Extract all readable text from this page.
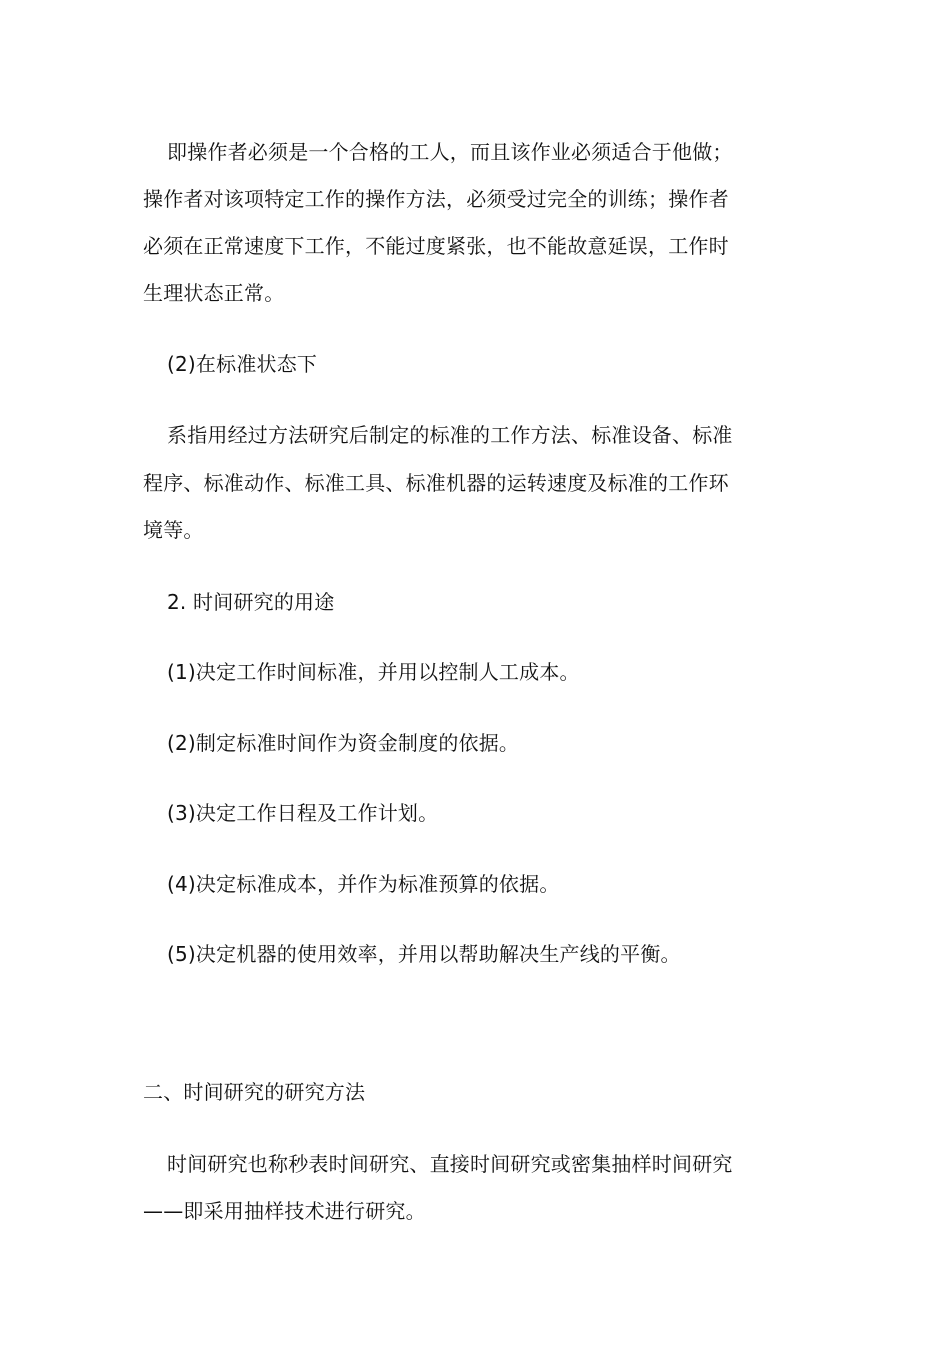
即操作者必须是一个合格的工人，而且该作业必须适合于他做；
操作者对该项特定工作的操作方法，必须受过完全的训练；操作者
必须在正常速度下工作，不能过度紧张，也不能故意延误，工作时
生理状态正常。
(2)在标准状态下
系指用经过方法研究后制定的标准的工作方法、标准设备、标准
程序、标准动作、标准工具、标准机器的运转速度及标准的工作环
境等。
2. 时间研究的用途
(1)决定工作时间标准，并用以控制人工成本。
(2)制定标准时间作为资金制度的依据。
(3)决定工作日程及工作计划。
(4)决定标准成本，并作为标准预算的依据。
(5)决定机器的使用效率，并用以帮助解决生产线的平衡。
二、时间研究的研究方法
时间研究也称秒表时间研究、直接时间研究或密集抽样时间研究
——即采用抽样技术进行研究。
